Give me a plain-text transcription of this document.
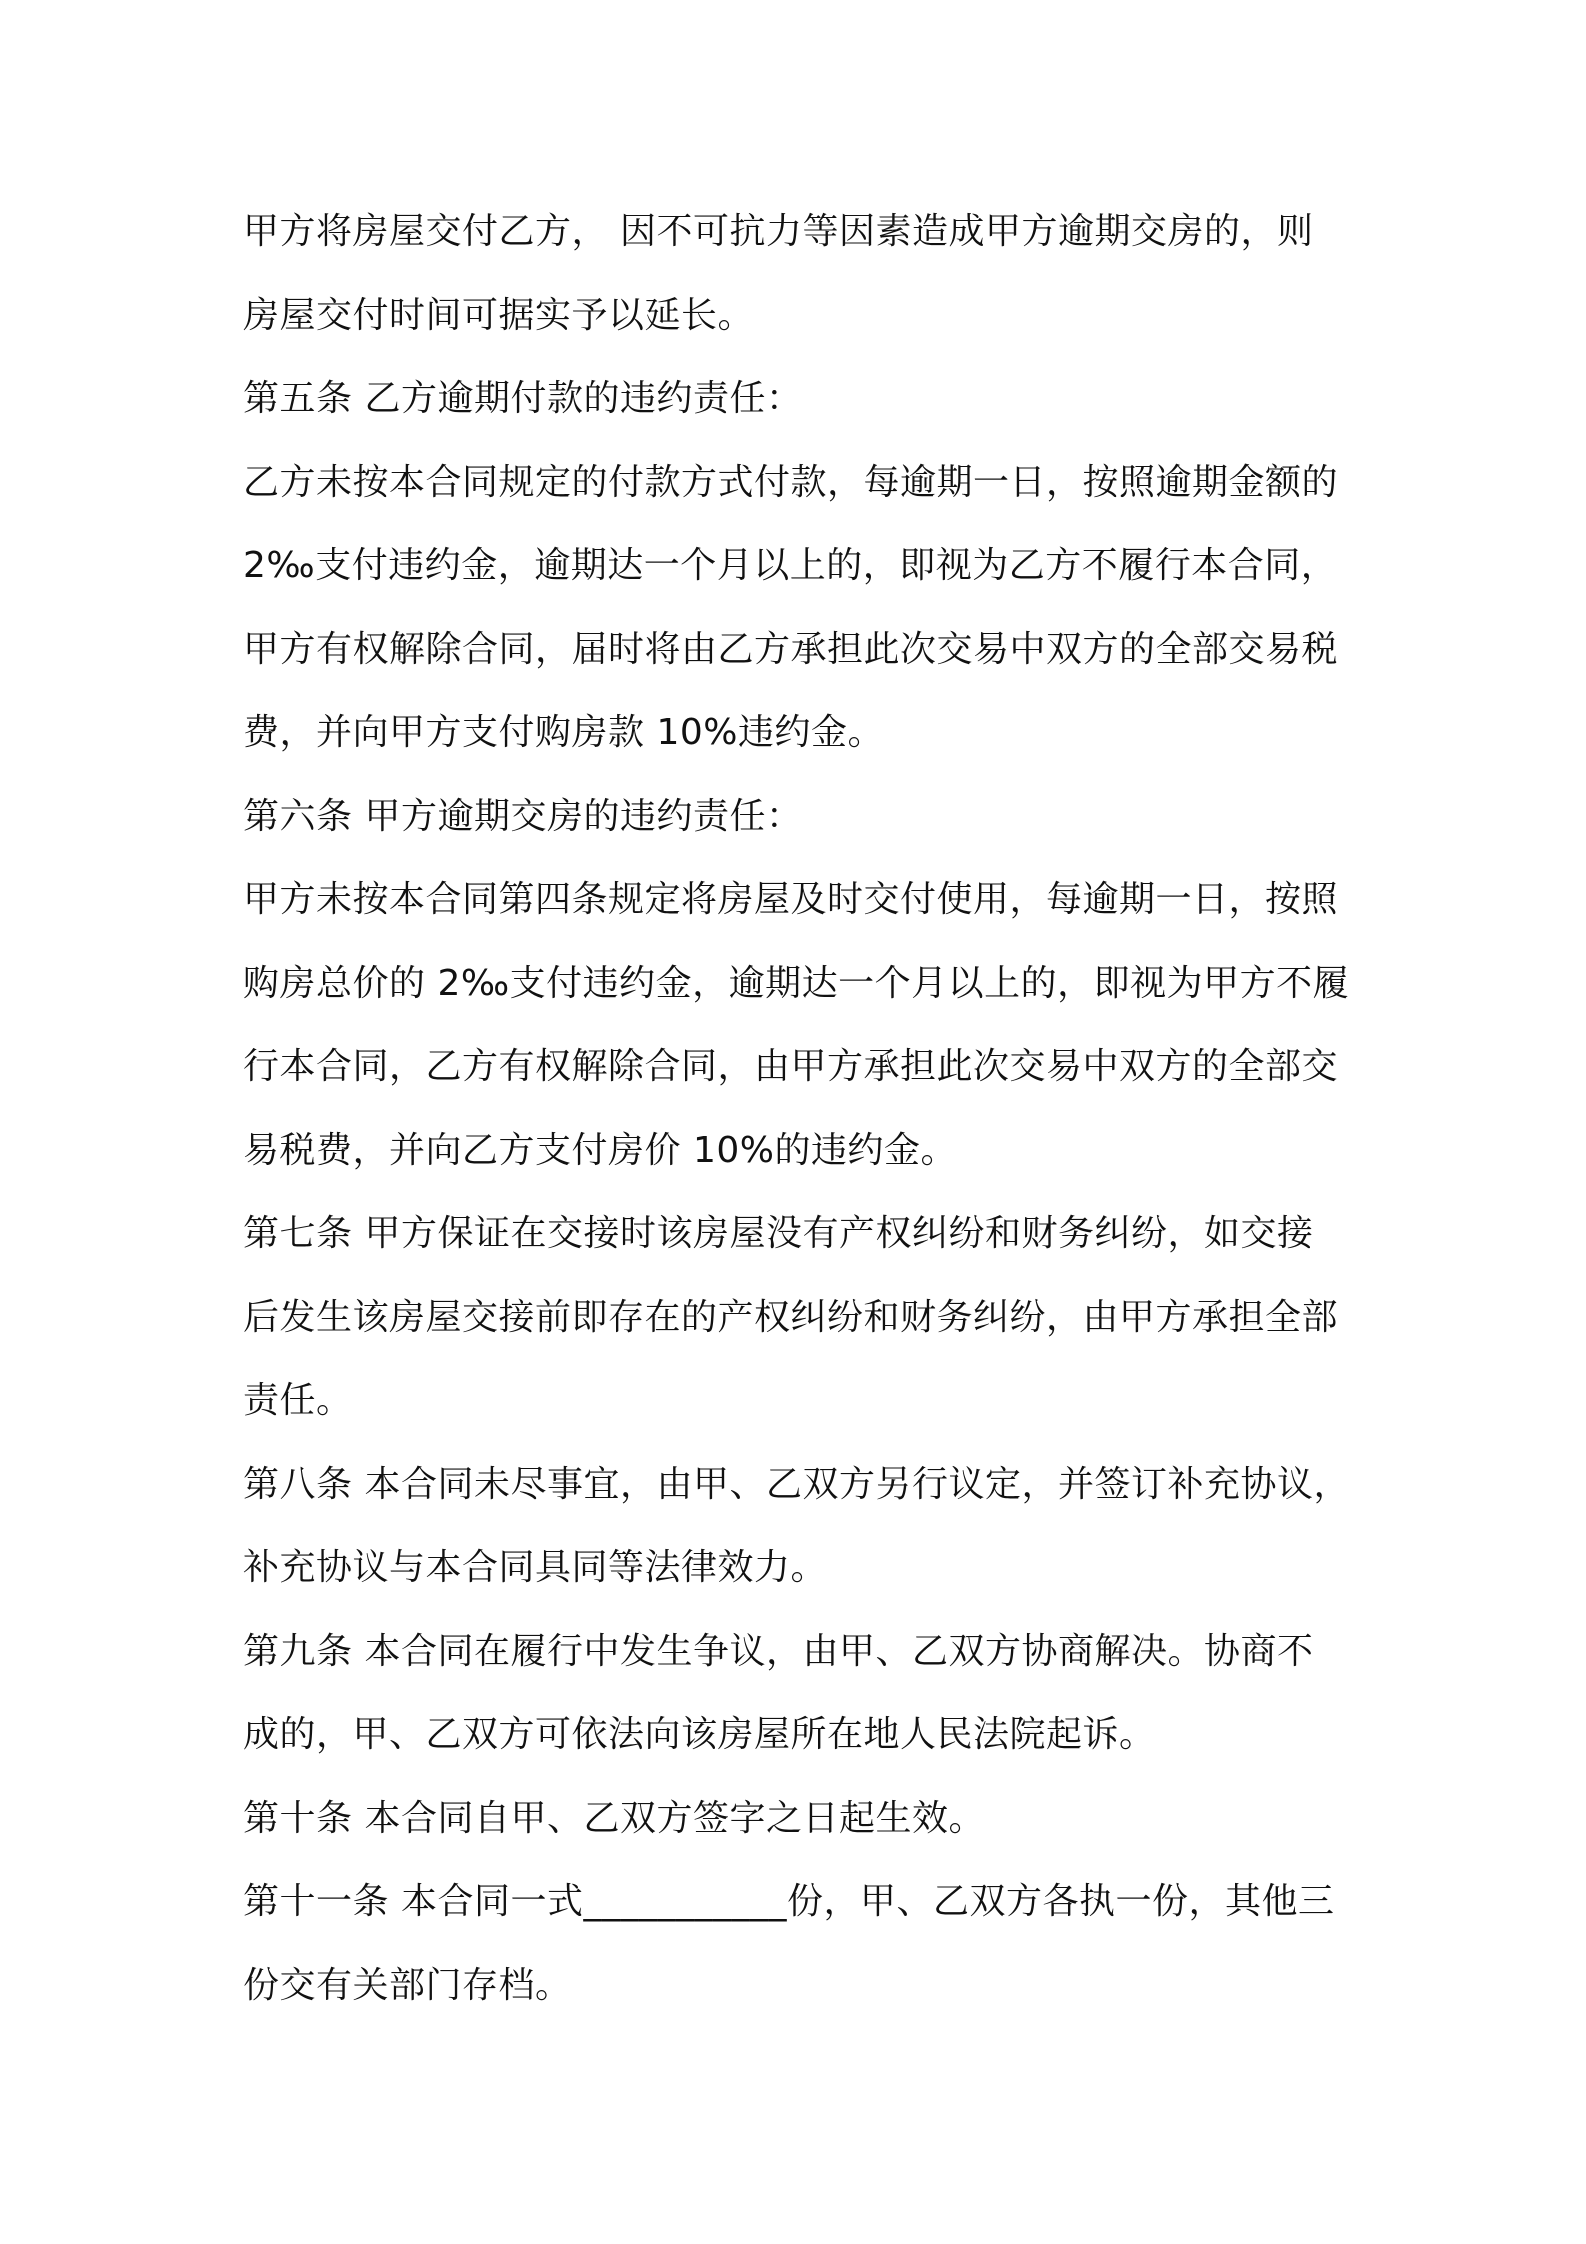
甲方将房屋交付乙方， 因不可抗力等因素造成甲方逾期交房的，则
房屋交付时间可据实予以延长。
第五条 乙方逾期付款的违约责任：
乙方未按本合同规定的付款方式付款，每逾期一日，按照逾期金额的
2‰支付违约金，逾期达一个月以上的，即视为乙方不履行本合同，
甲方有权解除合同，届时将由乙方承担此次交易中双方的全部交易税
费，并向甲方支付购房款 10%违约金。
第六条 甲方逾期交房的违约责任：
甲方未按本合同第四条规定将房屋及时交付使用，每逾期一日，按照
购房总价的 2‰支付违约金，逾期达一个月以上的，即视为甲方不履
行本合同，乙方有权解除合同，由甲方承担此次交易中双方的全部交
易税费，并向乙方支付房价 10%的违约金。
第七条 甲方保证在交接时该房屋没有产权纠纷和财务纠纷，如交接
后发生该房屋交接前即存在的产权纠纷和财务纠纷，由甲方承担全部
责任。
第八条 本合同未尽事宜，由甲、乙双方另行议定，并签订补充协议，
补充协议与本合同具同等法律效力。
第九条 本合同在履行中发生争议，由甲、乙双方协商解决。协商不
成的，甲、乙双方可依法向该房屋所在地人民法院起诉。
第十条 本合同自甲、乙双方签字之日起生效。
第十一条 本合同一式___________份，甲、乙双方各执一份，其他三
份交有关部门存档。
